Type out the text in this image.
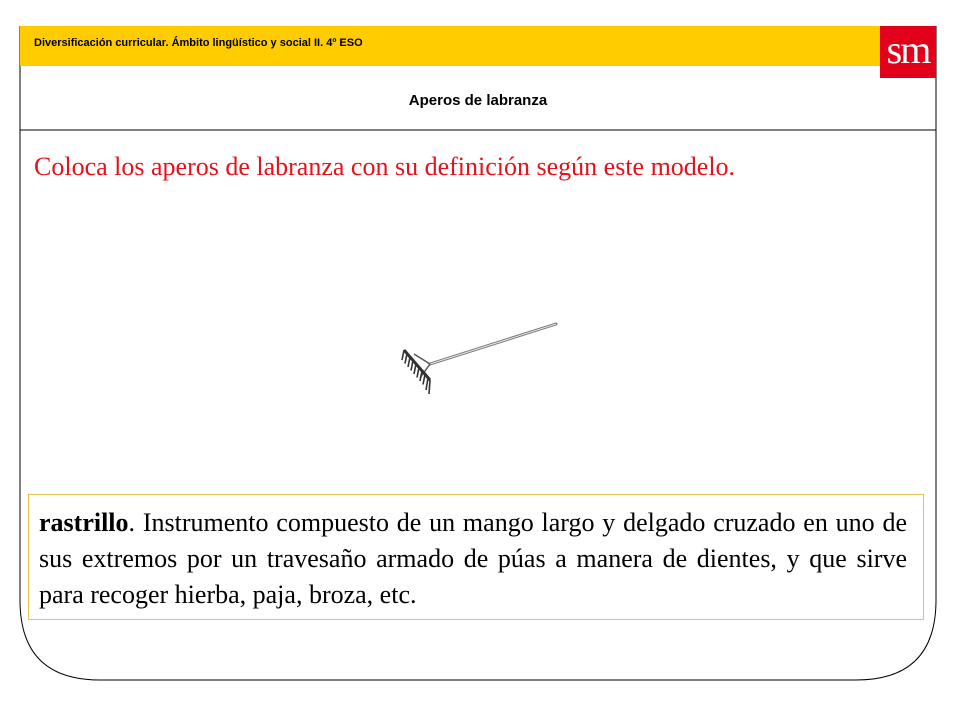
Diversificación curricular. Ámbito lingüístico y social II. 4º ESO	sm
Aperos de labranza
Coloca los aperos de labranza con su definición según este modelo.
rastrillo. Instrumento compuesto de un mango largo y delgado cruzado en uno de sus extremos por un travesaño armado de púas a manera de dientes, y que sirve para recoger hierba, paja, broza, etc.
